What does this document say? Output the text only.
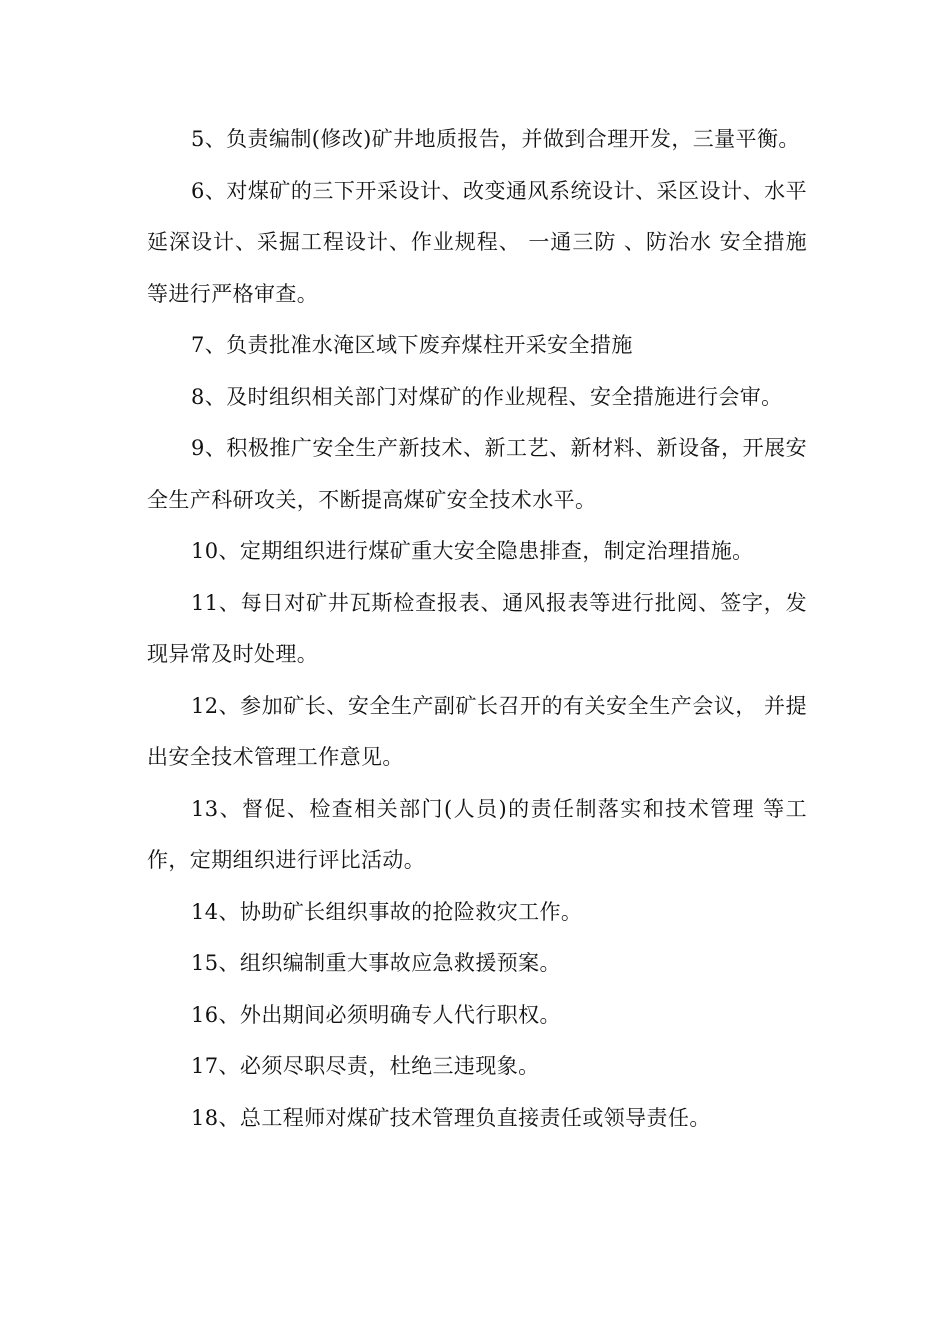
5、负责编制(修改)矿井地质报告，并做到合理开发，三量平衡。

6、对煤矿的三下开采设计、改变通风系统设计、采区设计、水平延深设计、采掘工程设计、作业规程、 一通三防 、防治水 安全措施等进行严格审查。

7、负责批准水淹区域下废弃煤柱开采安全措施

8、及时组织相关部门对煤矿的作业规程、安全措施进行会审。

9、积极推广安全生产新技术、新工艺、新材料、新设备，开展安全生产科研攻关，不断提高煤矿安全技术水平。

10、定期组织进行煤矿重大安全隐患排查，制定治理措施。

11、每日对矿井瓦斯检查报表、通风报表等进行批阅、签字，发现异常及时处理。

12、参加矿长、安全生产副矿长召开的有关安全生产会议， 并提出安全技术管理工作意见。

13、督促、检查相关部门(人员)的责任制落实和技术管理 等工作，定期组织进行评比活动。

14、协助矿长组织事故的抢险救灾工作。

15、组织编制重大事故应急救援预案。

16、外出期间必须明确专人代行职权。

17、必须尽职尽责，杜绝三违现象。

18、总工程师对煤矿技术管理负直接责任或领导责任。
